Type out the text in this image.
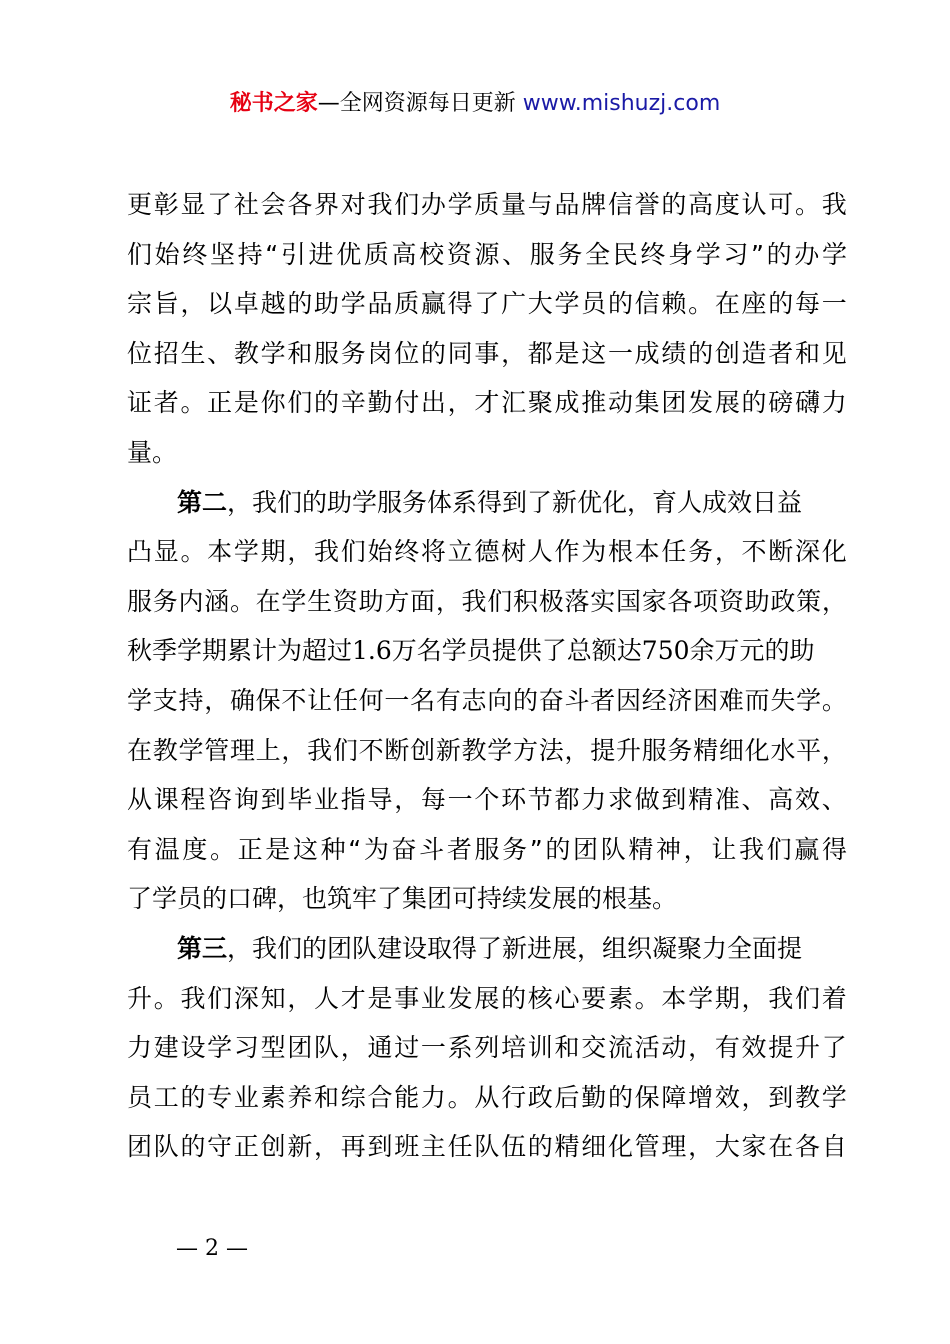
秘书之家—全网资源每日更新 www.mishuzj.com
更 彰 显 了 社 会 各 界 对 我 们 办 学 质 量 与 品 牌 信 誉 的 高 度 认 可 。 我
们 始 终 坚 持 “ 引 进 优 质 高 校 资 源 、 服 务 全 民 终 身 学 习 ” 的 办 学
宗 旨 ， 以 卓 越 的 助 学 品 质 赢 得 了 广 大 学 员 的 信 赖 。 在 座 的 每 一
位 招 生 、 教 学 和 服 务 岗 位 的 同 事 ， 都 是 这 一 成 绩 的 创 造 者 和 见
证 者 。 正 是 你 们 的 辛 勤 付 出 ， 才 汇 聚 成 推 动 集 团 发 展 的 磅 礴 力
量。
第二 ，我们的助学服务体系得到了新优化，育人成效日益
凸 显 。 本 学 期 ， 我 们 始 终 将 立 德 树 人 作 为 根 本 任 务 ， 不 断 深 化
服 务 内 涵 。 在 学 生 资 助 方 面 ， 我 们 积 极 落 实 国 家 各 项 资 助 政 策 ，
秋季学期累计为超过 1.6 万名学员提供了总额达 750 余万元的助
学 支 持 ， 确 保 不 让 任 何 一 名 有 志 向 的 奋 斗 者 因 经 济 困 难 而 失 学 。
在 教 学 管 理 上 ， 我 们 不 断 创 新 教 学 方 法 ， 提 升 服 务 精 细 化 水 平 ，
从 课 程 咨 询 到 毕 业 指 导 ， 每 一 个 环 节 都 力 求 做 到 精 准 、 高 效 、
有 温 度 。 正 是 这 种 “ 为 奋 斗 者 服 务 ” 的 团 队 精 神 ， 让 我 们 赢 得
了学员的口碑，也筑牢了集团可持续发展的根基。
第三 ，我们的团队建设取得了新进展，组织凝聚力全面提
升 。 我 们 深 知 ， 人 才 是 事 业 发 展 的 核 心 要 素 。 本 学 期 ， 我 们 着
力 建 设 学 习 型 团 队 ， 通 过 一 系 列 培 训 和 交 流 活 动 ， 有 效 提 升 了
员 工 的 专 业 素 养 和 综 合 能 力 。 从 行 政 后 勤 的 保 障 增 效 ， 到 教 学
团 队 的 守 正 创 新 ， 再 到 班 主 任 队 伍 的 精 细 化 管 理 ， 大 家 在 各 自
— 2 —
